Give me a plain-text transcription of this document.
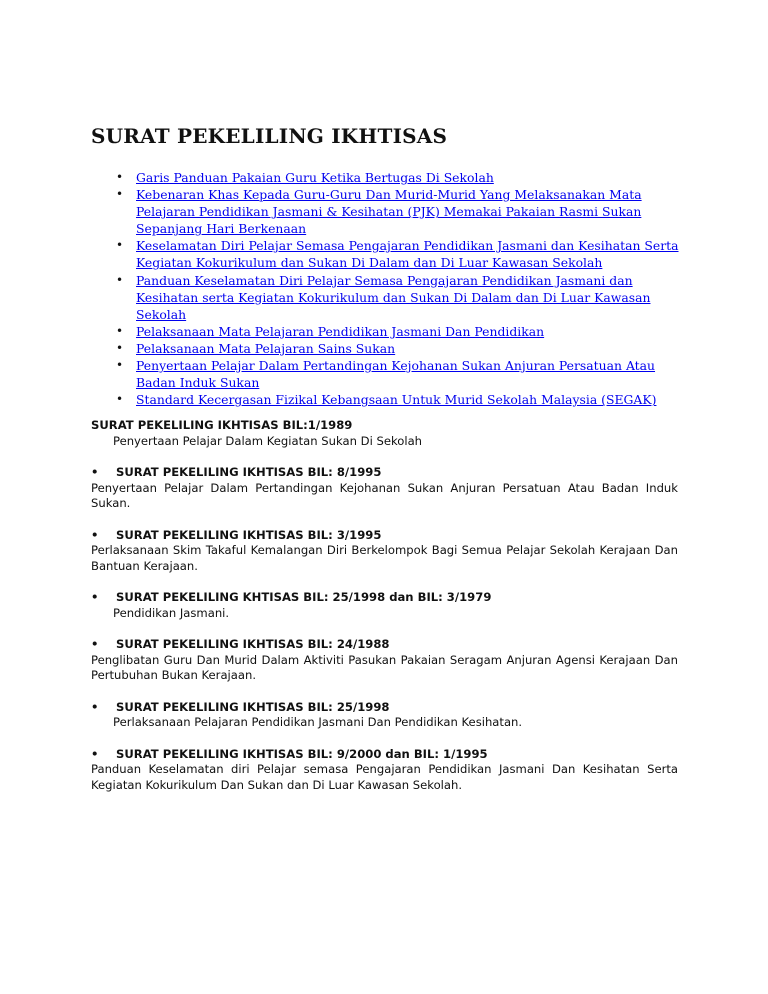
SURAT PEKELILING IKHTISAS
• Garis Panduan Pakaian Guru Ketika Bertugas Di Sekolah
• Kebenaran Khas Kepada Guru-Guru Dan Murid-Murid Yang Melaksanakan Mata Pelajaran Pendidikan Jasmani & Kesihatan (PJK) Memakai Pakaian Rasmi Sukan Sepanjang Hari Berkenaan
• Keselamatan Diri Pelajar Semasa Pengajaran Pendidikan Jasmani dan Kesihatan Serta Kegiatan Kokurikulum dan Sukan Di Dalam dan Di Luar Kawasan Sekolah
• Panduan Keselamatan Diri Pelajar Semasa Pengajaran Pendidikan Jasmani dan Kesihatan serta Kegiatan Kokurikulum dan Sukan Di Dalam dan Di Luar Kawasan Sekolah
• Pelaksanaan Mata Pelajaran Pendidikan Jasmani Dan Pendidikan
• Pelaksanaan Mata Pelajaran Sains Sukan
• Penyertaan Pelajar Dalam Pertandingan Kejohanan Sukan Anjuran Persatuan Atau Badan Induk Sukan
• Standard Kecergasan Fizikal Kebangsaan Untuk Murid Sekolah Malaysia (SEGAK)
SURAT PEKELILING IKHTISAS BIL:1/1989
Penyertaan Pelajar Dalam Kegiatan Sukan Di Sekolah
• SURAT PEKELILING IKHTISAS BIL: 8/1995
Penyertaan Pelajar Dalam Pertandingan Kejohanan Sukan Anjuran Persatuan Atau Badan Induk Sukan.
• SURAT PEKELILING IKHTISAS BIL: 3/1995
Perlaksanaan Skim Takaful Kemalangan Diri Berkelompok Bagi Semua Pelajar Sekolah Kerajaan Dan Bantuan Kerajaan.
• SURAT PEKELILING KHTISAS BIL: 25/1998 dan BIL: 3/1979
Pendidikan Jasmani.
• SURAT PEKELILING IKHTISAS BIL: 24/1988
Penglibatan Guru Dan Murid Dalam Aktiviti Pasukan Pakaian Seragam Anjuran Agensi Kerajaan Dan Pertubuhan Bukan Kerajaan.
• SURAT PEKELILING IKHTISAS BIL: 25/1998
Perlaksanaan Pelajaran Pendidikan Jasmani Dan Pendidikan Kesihatan.
• SURAT PEKELILING IKHTISAS BIL: 9/2000 dan BIL: 1/1995
Panduan Keselamatan diri Pelajar semasa Pengajaran Pendidikan Jasmani Dan Kesihatan Serta Kegiatan Kokurikulum Dan Sukan dan Di Luar Kawasan Sekolah.
